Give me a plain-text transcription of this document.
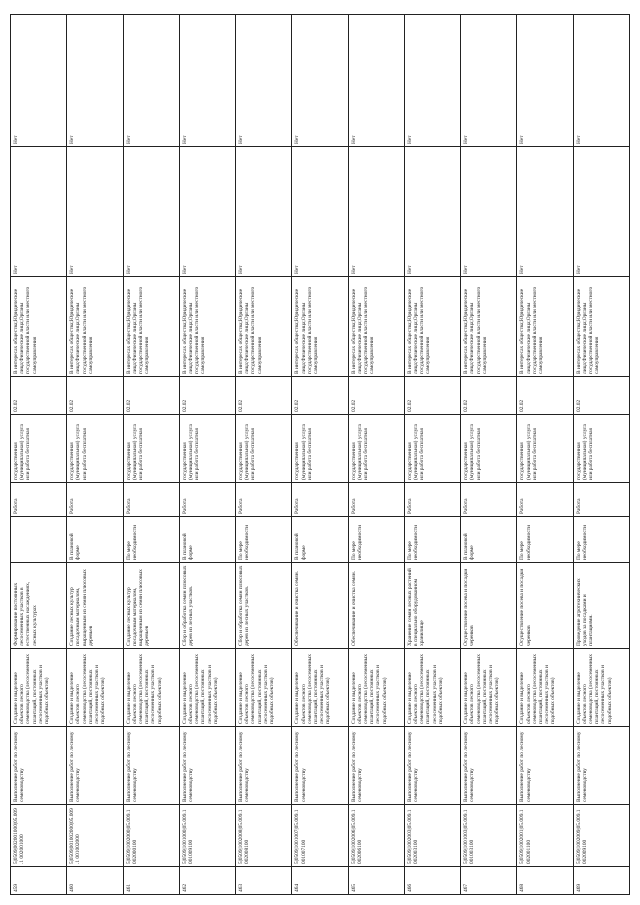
459	5|0509|002001000|05.009.1 002001000	Выполнение работ по лесному семеноводству	Создание и выделение объектов лесного семеноводства (лесосеменных плантаций, постоянных лесосеменных участков и подобных объектов)	Формирование постоянных лесосеменных участков в естественных насаждениях, лесных культурах		Работа	государственная (муниципальная) услуга или работа бесплатная	02.02	В интересах общества;Юридические лица;Физические лица;Органы государственной власти или местного самоуправления	Нет	Нет
460	5|0509|001002000|05.009.1 001002000	Выполнение работ по лесному семеноводству	Создание и выделение объектов лесного семеноводства (лесосеменных плантаций, постоянных лесосеменных участков и подобных объектов)	Создание лесных культур посадочным материалом, выращенным из семян плюсовых деревьев	В плановой форме	Работа	государственная (муниципальная) услуга или работа бесплатная	02.02	В интересах общества;Юридические лица;Физические лица;Органы государственной власти или местного самоуправления	Нет	Нет
461	5|0509|1002000|05.009.1 002000100	Выполнение работ по лесному семеноводству	Создание и выделение объектов лесного семеноводства (лесосеменных плантаций, постоянных лесосеменных участков и подобных объектов)	Создание лесных культур посадочным материалом, выращенным из семян плюсовых деревьев	По мере необходимости	Работа	государственная (муниципальная) услуга или работа бесплатная	02.02	В интересах общества;Юридические лица;Физические лица;Органы государственной власти или местного самоуправления	Нет	Нет
462	5|0509|1001000|05.009.1 001009100	Выполнение работ по лесному семеноводству	Создание и выделение объектов лесного семеноводства (лесосеменных плантаций, постоянных лесосеменных участков и подобных объектов)	Сбор и обработка семян плюсовых дерев из лесных участков.	В плановой форме	Работа	государственная (муниципальная) услуга или работа бесплатная	02.02	В интересах общества;Юридические лица;Физические лица;Органы государственной власти или местного самоуправления	Нет	Нет
463	5|0509|1002008|05.009.1 002008100	Выполнение работ по лесному семеноводству	Создание и выделение объектов лесного семеноводства (лесосеменных плантаций, постоянных лесосеменных участков и подобных объектов)	Сбор и обработка семян плюсовых дерев из лесных участков.	По мере необходимости	Работа	государственная (муниципальная) услуга или работа бесплатная	02.02	В интересах общества;Юридические лица;Физические лица;Органы государственной власти или местного самоуправления	Нет	Нет
464	5|0509|1001007|05.009.1 001007100	Выполнение работ по лесному семеноводству	Создание и выделение объектов лесного семеноводства (лесосеменных плантаций, постоянных лесосеменных участков и подобных объектов)	Обеспечивание и очистка семян.	В плановой форме	Работа	государственная (муниципальная) услуга или работа бесплатная	02.02	В интересах общества;Юридические лица;Физические лица;Органы государственной власти или местного самоуправления	Нет	Нет
465	5|0509|1002006|05.009.1 002006100	Выполнение работ по лесному семеноводству	Создание и выделение объектов лесного семеноводства (лесосеменных плантаций, постоянных лесосеменных участков и подобных объектов)	Обеспечивание и очистка семян.	По мере необходимости	Работа	государственная (муниципальная) услуга или работа бесплатная	02.02	В интересах общества;Юридические лица;Физические лица;Органы государственной власти или местного самоуправления	Нет	Нет
466	5|0509|1002003|05.009.1 002003100	Выполнение работ по лесному семеноводству	Создание и выделение объектов лесного семеноводства (лесосеменных плантаций, постоянных лесосеменных участков и подобных объектов)	Хранение семян лесных растений в специально оборудованном хранилище	По мере необходимости	Работа	государственная (муниципальная) услуга или работа бесплатная	02.02	В интересах общества;Юридические лица;Физические лица;Органы государственной власти или местного самоуправления	Нет	Нет
467	5|0509|1001003|05.009.1 001003100	Выполнение работ по лесному семеноводству	Создание и выделение объектов лесного семеноводства (лесосеменных плантаций, постоянных лесосеменных участков и подобных объектов)	Осуществление посева и посадки черенков	В плановой форме	Работа	государственная (муниципальная) услуга или работа бесплатная	02.02	В интересах общества;Юридические лица;Физические лица;Органы государственной власти или местного самоуправления	Нет	Нет
468	5|0509|1002001|05.009.1 002001100	Выполнение работ по лесному семеноводству	Создание и выделение объектов лесного семеноводства (лесосеменных плантаций, постоянных лесосеменных участков и подобных объектов)	Осуществление посева и посадки черенков	По мере необходимости	Работа	государственная (муниципальная) услуга или работа бесплатная	02.02	В интересах общества;Юридические лица;Физические лица;Органы государственной власти или местного самоуправления	Нет	Нет
469	5|0509|1002009|05.009.1 002009100	Выполнение работ по лесному семеноводству	Создание и выделение объектов лесного семеноводства (лесосеменных плантаций, постоянных лесосеменных участков и подобных объектов)	Проведение агротехнических уходов за посадками и плантациями.	По мере необходимости	Работа	государственная (муниципальная) услуга или работа бесплатная	02.02	В интересах общества;Юридические лица;Физические лица;Органы государственной власти или местного самоуправления	Нет	Нет
